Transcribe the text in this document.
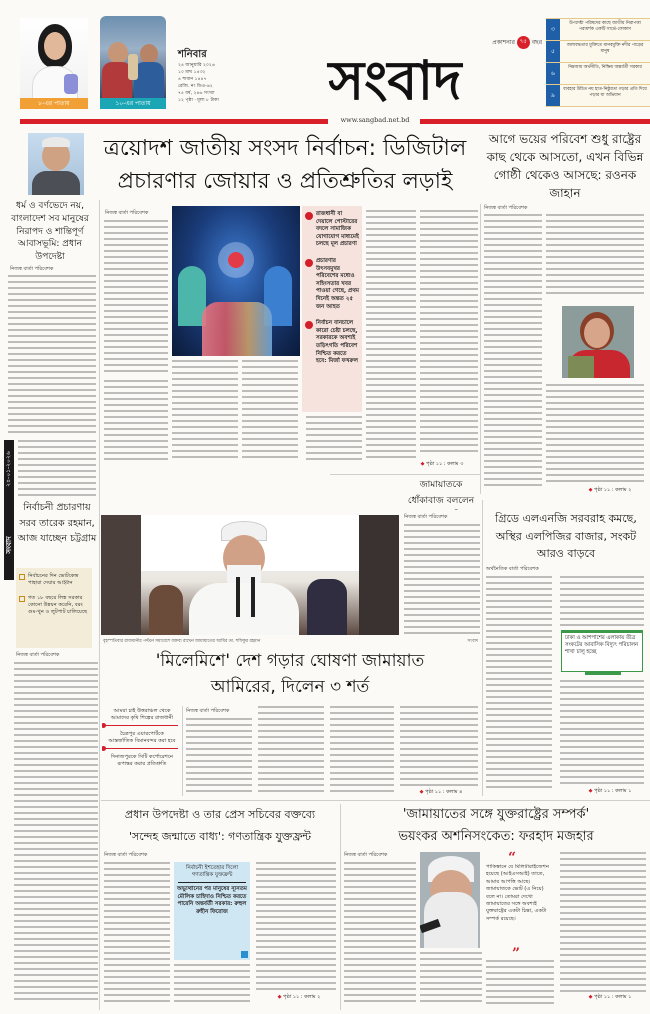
৮-এর পাতায়	১০-এর পাতায়
শনিবার
২৪ জানুয়ারি ২০২৬
১০ মাঘ ১৪৩২
৪ শাবান ১৪৪৭
রেজি. নং ডিএ-৬২
৭৫ বর্ষ, ২৪৬ সংখ্যা
১২ পৃষ্ঠা · মূল্য ৮ টাকা	সংবাদ
প্রকাশনার ৭৫ বছর
৩
উপদেষ্টা পরিষদের কাছে জাতীয় নিরাপত্তা পরামর্শক একটি সার্ভে-ফোকাস
৫
জলাবদ্ধতার মুক্তিতে মানবমুক্তি নদীর পাড়ের মানুষ
৬
নিম্নআয় অর্থনীতি, নিষ্ক্রিয় অন্তর্বর্তী সরকার
৯
ব্যবহার উচিত নয় হাত-নিষ্ঠুরতা গড়ার প্রতি দিয়ে পড়ার যা অভিযান
www.sangbad.net.bd
ত্রয়োদশ জাতীয় সংসদ নির্বাচন: ডিজিটাল
প্রচারণার জোয়ার ও প্রতিশ্রুতির লড়াই
আগে ভয়ের পরিবেশ শুধু রাষ্ট্রের কাছ থেকে আসতো, এখন বিভিন্ন গোষ্ঠী থেকেও আসছে: রওনক জাহান
ধর্ম ও বর্ণভেদে নয়, বাংলাদেশ সব মানুষের নিরাপদ ও শান্তিপূর্ণ আবাসভূমি: প্রধান উপদেষ্টা
নিজস্ব বার্তা পরিবেশক
২৪-০১-২০২৬
সংবাদ
নির্বাচনী প্রচারণায় সরব তারেক রহমান, আজ যাচ্ছেন চট্টগ্রাম
নির্বাচনের দিন ভোটকেন্দ্র পাহারা দেয়ার আহ্বান
গত ১৮ বছরে লিঙ্ক সরকার কোনো উন্নয়ন করেনি, বরং গুম-খুন ও লুটপাট চালিয়েছে
নিজস্ব বার্তা পরিবেশক
নিজস্ব বার্তা পরিবেশক	রাজধানী বা দেয়ালে পোস্টারের বদলে সামাজিক যোগাযোগ মাধ্যমেই চলছে মূল প্রচারণা
প্রচারণার উৎসবমুখর পরিবেশের মধ্যেও সহিংসতার খবর পাওয়া গেছে, প্রথম দিনেই অন্তত ২৫ জন আহত
নির্বাচন বানচালে কারো চেষ্টা চলছে, সরকারকে অবশ্যই তড়িৎগতি পরিবেশ নিশ্চিত করতে হবে: মির্জা ফখরুল
◆ পৃষ্ঠা ১১ : কলাম ৩
নিজস্ব বার্তা পরিবেশক
◆ পৃষ্ঠা ১১ : কলাম ২
জামায়াতকে ধোঁকাবাজ বললেন
নিজস্ব বার্তা পরিবেশক
বৃহস্পতিবার রাজধানীর পল্টনে সমাবেশে বক্তব্য রাখেন জামায়াতের আমির ডা. শফিকুর রহমান	সংবাদ
গ্রিডে এলএনজি সরবরাহ কমছে, অস্থির এলপিজির বাজার, সংকট আরও বাড়বে
অর্থনৈতিক বার্তা পরিবেশক
ঢাকা ও আশপাশের এলাকায় তীব্র সংকটের আবাসিক বিদ্যুৎ পরিচালন শাখা চালু হচ্ছে
◆ পৃষ্ঠা ১১ : কলাম ১
'মিলেমিশে' দেশ গড়ার ঘোষণা জামায়াত
আমিরের, দিলেন ৩ শর্ত
আমরা চাই উত্তরাঞ্চল থেকে আমাদের কৃষি শিল্পের রাজধানী
চৈত্রপুর এয়ারপোর্টকে আন্তর্জাতিক বিমানবন্দর করা হবে
দিনাজপুরকে সিটি কর্পোরেশনে রূপান্তর করার প্রতিশ্রুতি
নিজস্ব বার্তা পরিবেশক
◆ পৃষ্ঠা ১১ : কলাম ৪
প্রধান উপদেষ্টা ও তার প্রেস সচিবের বক্তব্যে
'সন্দেহ জন্মাতে বাধ্য': গণতান্ত্রিক যুক্তফ্রন্ট
নিজস্ব বার্তা পরিবেশক
নির্বাচনী ইশতেহার দিলো গণতান্ত্রিক যুক্তফ্রন্ট
অভ্যুত্থানের পর মানুষের ন্যূনতম মৌলিক চাহিদাও নিশ্চিত করতে পারেনি অন্তর্বর্তী সরকার: রুহুল রুহীন ফিরোজ
◆ পৃষ্ঠা ১১ : কলাম ২
'জামায়াতের সঙ্গে যুক্তরাষ্ট্রের সম্পর্ক'
ভয়ংকর অশনিসংকেত: ফরহাদ মজহার
নিজস্ব বার্তা পরিবেশক	“
পাকিস্তানে যে মিলিটারাইজেশন হয়েছে (আইএসআই) তাতে, আমার আপত্তি আছে। জামায়াতকে ভোট (এ নিয়ে) বলে না। তোমরা দেখো জামায়াতের সঙ্গে অবশ্যই যুক্তরাষ্ট্রের একটা চিন্তা, একটা সম্পর্ক রয়েছে।
”
◆ পৃষ্ঠা ১১ : কলাম ১
